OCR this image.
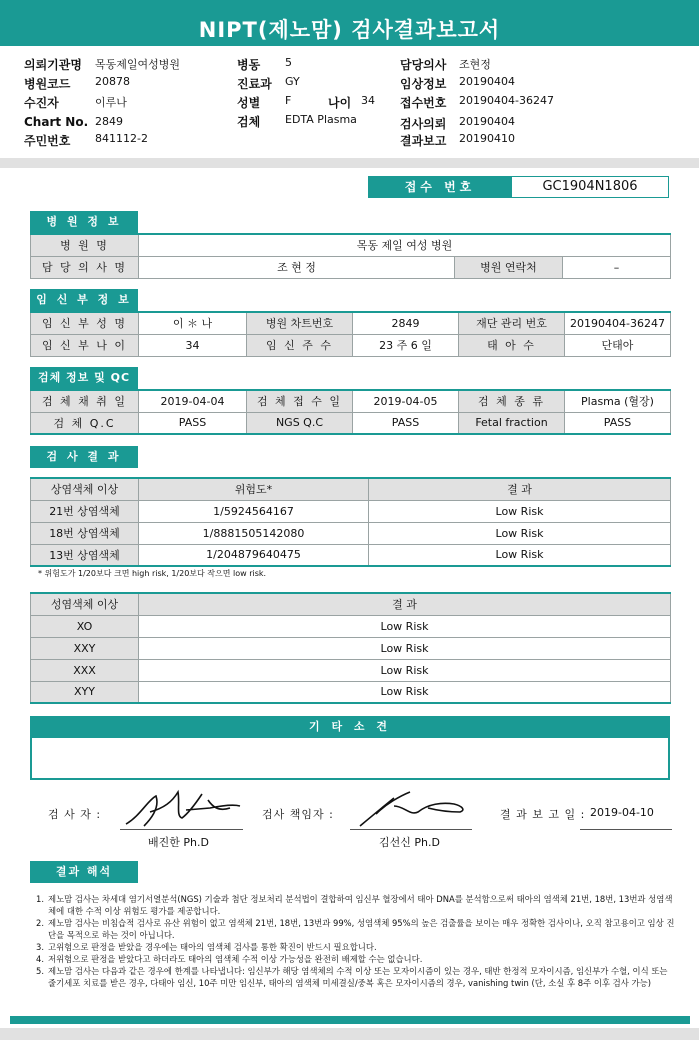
NIPT(제노맘) 검사결과보고서
의뢰기관명 목동제일여성병원
병원코드 20878
수진자	이루나
Chart No. 2849
주민번호 841112-2
병동 5
진료과 GY
성별 F	나이 34
검체 EDTA Plasma
담당의사 조현정
임상정보 20190404
접수번호 20190404-36247
검사의뢰 20190404
결과보고 20190410
접수 번호	GC1904N1806
병 원 정 보
병 원 명	목동 제일 여성 병원		
담 당 의 사 명	조 현 정	병원 연락처	–
임 신 부 정 보
임 신 부 성 명	이 ＊ 나	병원 차트번호	2849	재단 관리 번호	20190404-36247
임 신 부 나 이	34	임 신 주 수	23 주 6 일	태 아 수	단태아
검체 정보 및 QC
검 체 채 취 일	2019-04-04	검 체 접 수 일	2019-04-05	검 체 종 류	Plasma (혈장)
검 체 Q.C	PASS	NGS Q.C	PASS	Fetal fraction	PASS
검 사 결 과
상염색체 이상	위험도*	결 과
21번 상염색체	1/5924564167	Low Risk
18번 상염색체	1/8881505142080	Low Risk
13번 상염색체	1/204879640475	Low Risk
* 위험도가 1/20보다 크면 high risk, 1/20보다 작으면 low risk.
성염색체 이상	결 과
XO	Low Risk
XXY	Low Risk
XXX	Low Risk
XYY	Low Risk
기 타 소 견
검 사 자 :
배진한 Ph.D
검사 책임자 :
김선신 Ph.D
결 과 보 고 일 : 2019-04-10
결과 해석
1. 제노맘 검사는 차세대 염기서열분석(NGS) 기술과 첨단 정보처리 분석법이 결합하여 임신부 혈장에서 태아 DNA를 분석함으로써 태아의 염색체 21번, 18번, 13번과 성염색체에 대한 수적 이상 위험도 평가를 제공합니다.
2. 제노맘 검사는 비침습적 검사로 유산 위험이 없고 염색체 21번, 18번, 13번과 99%, 성염색체 95%의 높은 검출률을 보이는 매우 정확한 검사이나, 오직 참고용이고 임상 진단을 목적으로 하는 것이 아닙니다.
3. 고위험으로 판정을 받았을 경우에는 태아의 염색체 검사를 통한 확진이 반드시 필요합니다.
4. 저위험으로 판정을 받았다고 하더라도 태아의 염색체 수적 이상 가능성을 완전히 배제할 수는 없습니다.
5. 제노맘 검사는 다음과 같은 경우에 한계를 나타냅니다: 임신부가 해당 염색체의 수적 이상 또는 모자이시즘이 있는 경우, 태반 한정적 모자이시즘, 임신부가 수혈, 이식 또는 줄기세포 치료를 받은 경우, 다태아 임신, 10주 미만 임신부, 태아의 염색체 미세결실/중복 혹은 모자이시즘의 경우, vanishing twin (단, 소실 후 8주 이후 검사 가능)
